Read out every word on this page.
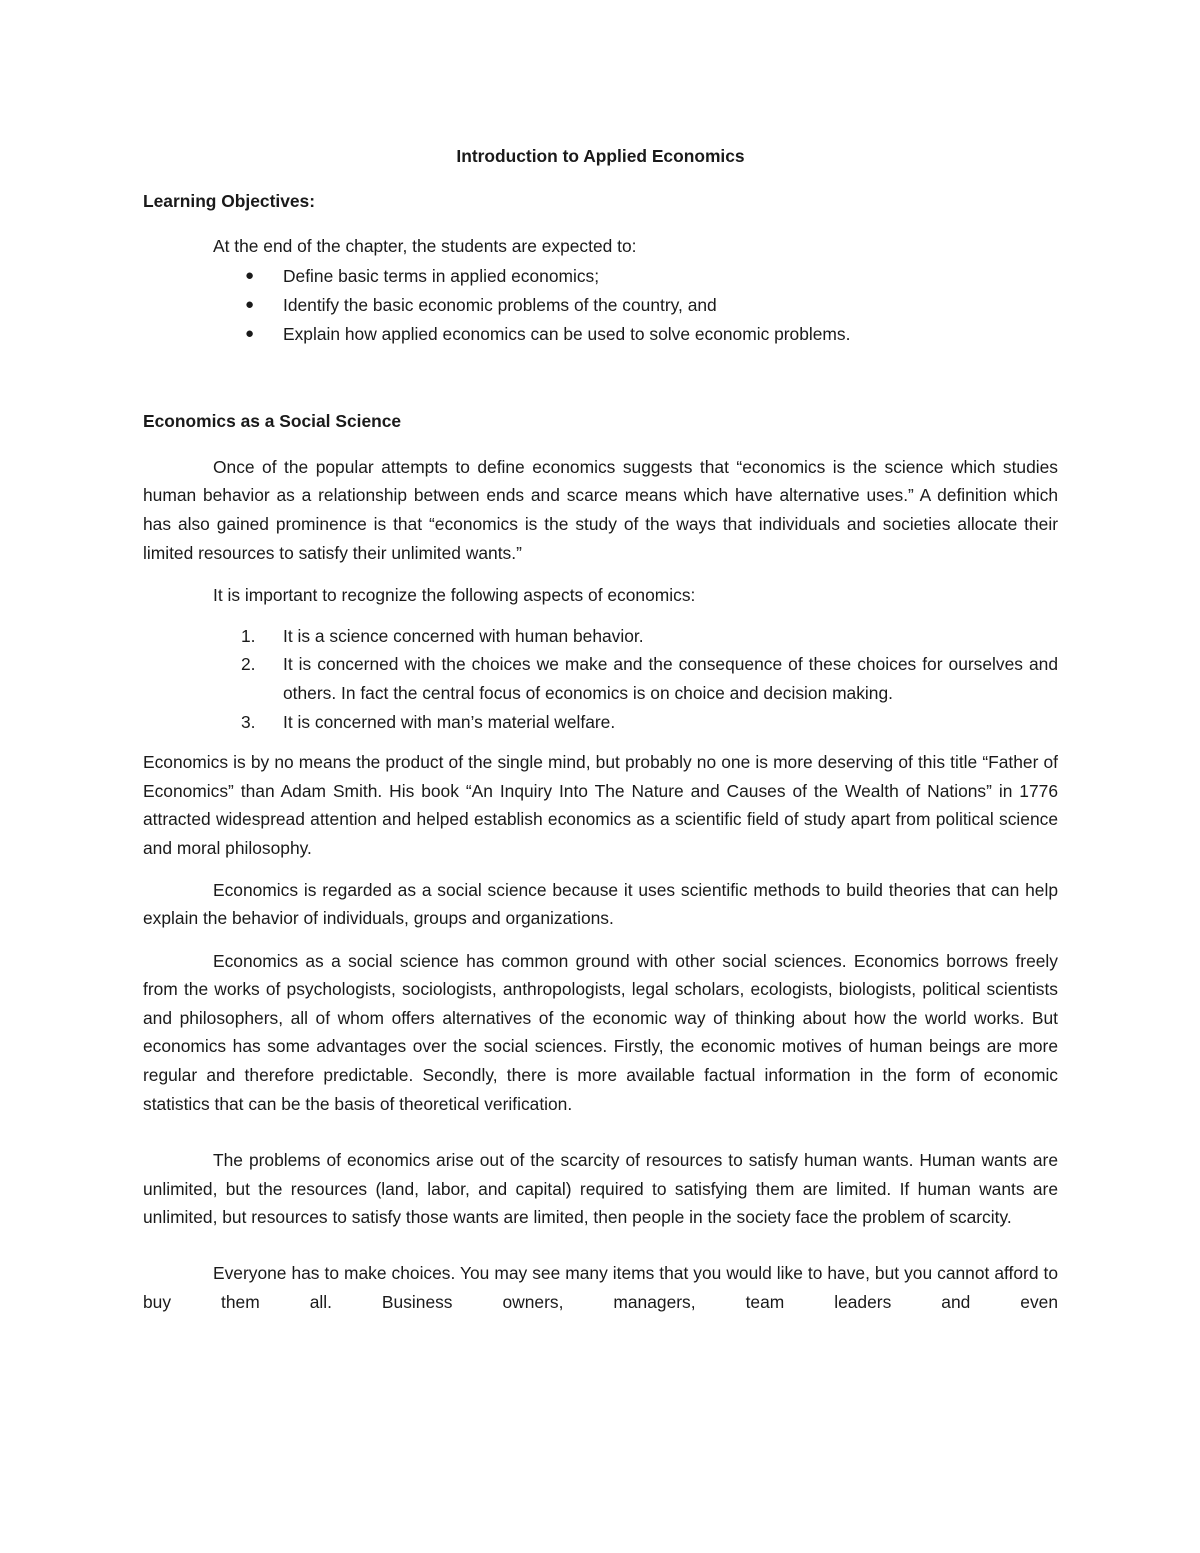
Introduction to Applied Economics
Learning Objectives:
At the end of the chapter, the students are expected to:
● Define basic terms in applied economics;
● Identify the basic economic problems of the country, and
● Explain how applied economics can be used to solve economic problems.
Economics as a Social Science

Once of the popular attempts to define economics suggests that “economics is the science which studies human behavior as a relationship between ends and scarce means which have alternative uses.” A definition which has also gained prominence is that “economics is the study of the ways that individuals and societies allocate their limited resources to satisfy their unlimited wants.”

It is important to recognize the following aspects of economics:

1. It is a science concerned with human behavior.
2. It is concerned with the choices we make and the consequence of these choices for ourselves and others. In fact the central focus of economics is on choice and decision making.
3. It is concerned with man’s material welfare.

Economics is by no means the product of the single mind, but probably no one is more deserving of this title “Father of Economics” than Adam Smith. His book “An Inquiry Into The Nature and Causes of the Wealth of Nations” in 1776 attracted widespread attention and helped establish economics as a scientific field of study apart from political science and moral philosophy.

Economics is regarded as a social science because it uses scientific methods to build theories that can help explain the behavior of individuals, groups and organizations.

Economics as a social science has common ground with other social sciences. Economics borrows freely from the works of psychologists, sociologists, anthropologists, legal scholars, ecologists, biologists, political scientists and philosophers, all of whom offers alternatives of the economic way of thinking about how the world works. But economics has some advantages over the social sciences. Firstly, the economic motives of human beings are more regular and therefore predictable. Secondly, there is more available factual information in the form of economic statistics that can be the basis of theoretical verification.

The problems of economics arise out of the scarcity of resources to satisfy human wants. Human wants are unlimited, but the resources (land, labor, and capital) required to satisfying them are limited. If human wants are unlimited, but resources to satisfy those wants are limited, then people in the society face the problem of scarcity.

Everyone has to make choices. You may see many items that you would like to have, but you cannot afford to buy them all. Business owners, managers, team leaders and even
